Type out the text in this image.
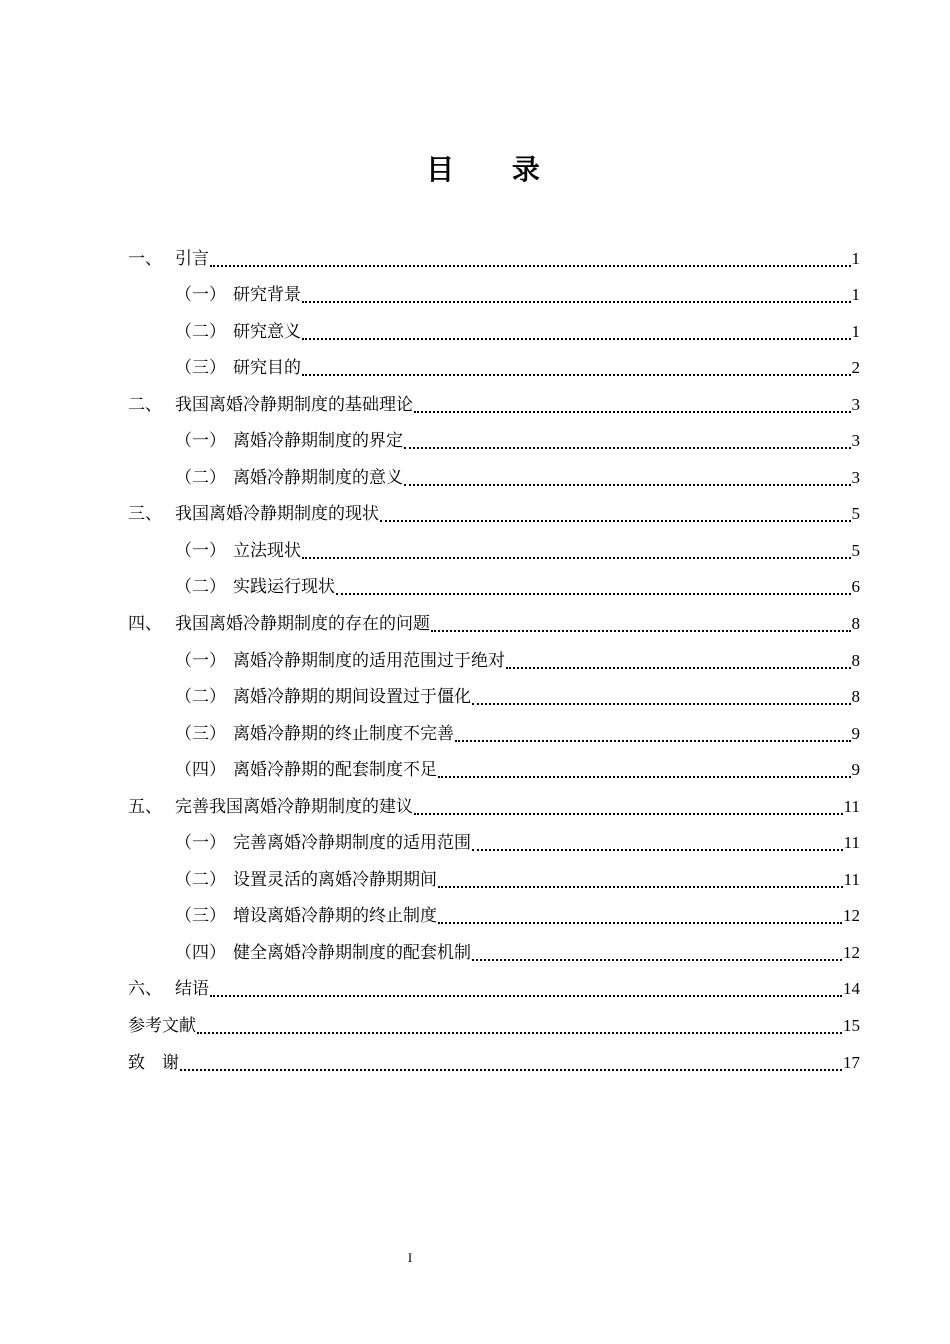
目 录
一、 引言	1
（一） 研究背景	1
（二） 研究意义	1
（三） 研究目的	2
二、 我国离婚冷静期制度的基础理论	3
（一） 离婚冷静期制度的界定	3
（二） 离婚冷静期制度的意义	3
三、 我国离婚冷静期制度的现状	5
（一） 立法现状	5
（二） 实践运行现状	6
四、 我国离婚冷静期制度的存在的问题	8
（一） 离婚冷静期制度的适用范围过于绝对	8
（二） 离婚冷静期的期间设置过于僵化	8
（三） 离婚冷静期的终止制度不完善	9
（四） 离婚冷静期的配套制度不足	9
五、 完善我国离婚冷静期制度的建议	11
（一） 完善离婚冷静期制度的适用范围	11
（二） 设置灵活的离婚冷静期期间	11
（三） 增设离婚冷静期的终止制度	12
（四） 健全离婚冷静期制度的配套机制	12
六、 结语	14
参考文献	15
致　谢	17
I
